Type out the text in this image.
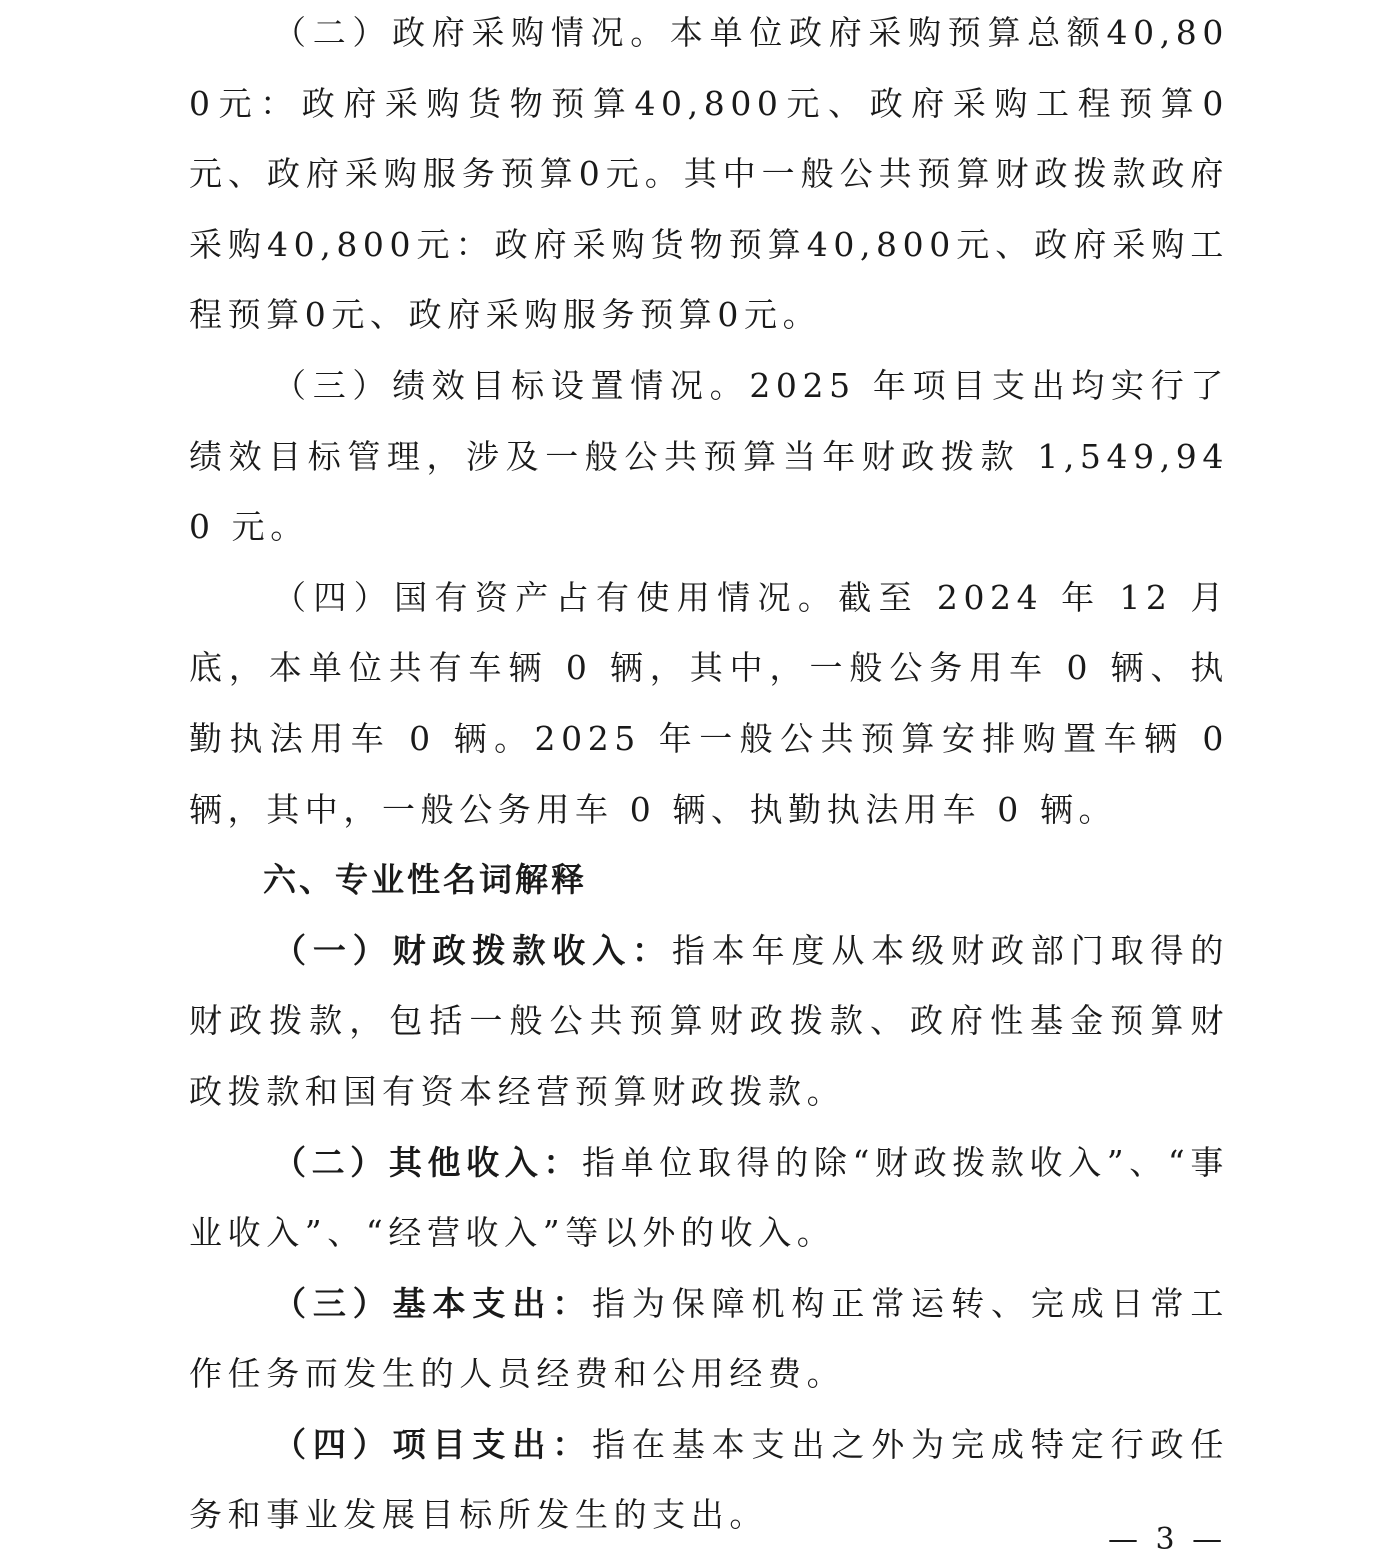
（二）政府采购情况。本单位政府采购预算总额40,800元：政府采购货物预算40,800元、政府采购工程预算0元、政府采购服务预算0元。其中一般公共预算财政拨款政府采购40,800元：政府采购货物预算40,800元、政府采购工程预算0元、政府采购服务预算0元。

（三）绩效目标设置情况。2025 年项目支出均实行了绩效目标管理，涉及一般公共预算当年财政拨款 1,549,940 元。

（四）国有资产占有使用情况。截至 2024 年 12 月底，本单位共有车辆 0 辆，其中，一般公务用车 0 辆、执勤执法用车 0 辆。2025 年一般公共预算安排购置车辆 0 辆，其中，一般公务用车 0 辆、执勤执法用车 0 辆。

六、专业性名词解释

（一）财政拨款收入：指本年度从本级财政部门取得的财政拨款，包括一般公共预算财政拨款、政府性基金预算财政拨款和国有资本经营预算财政拨款。

（二）其他收入：指单位取得的除“财政拨款收入”、“事业收入”、“经营收入”等以外的收入。

（三）基本支出：指为保障机构正常运转、完成日常工作任务而发生的人员经费和公用经费。

（四）项目支出：指在基本支出之外为完成特定行政任务和事业发展目标所发生的支出。

— 3 —
